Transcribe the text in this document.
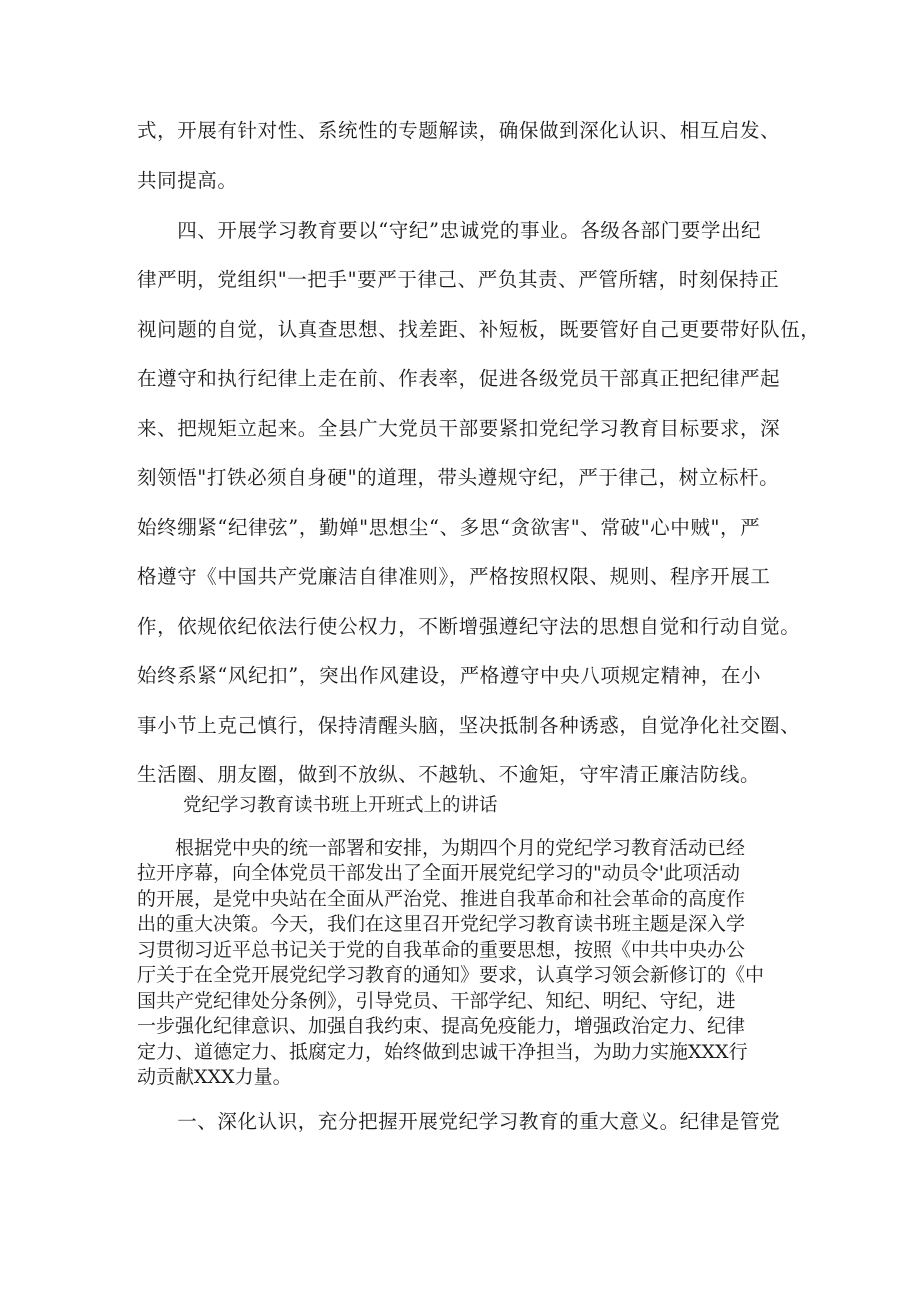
式，开展有针对性、系统性的专题解读，确保做到深化认识、相互启发、
共同提高。
　　四、开展学习教育要以“守纪”忠诚党的事业。各级各部门要学出纪
律严明，党组织"一把手"要严于律己、严负其责、严管所辖，时刻保持正
视问题的自觉，认真查思想、找差距、补短板，既要管好自己更要带好队伍，
在遵守和执行纪律上走在前、作表率，促进各级党员干部真正把纪律严起
来、把规矩立起来。全县广大党员干部要紧扣党纪学习教育目标要求，深
刻领悟"打铁必须自身硬"的道理，带头遵规守纪，严于律己，树立标杆。
始终绷紧“纪律弦”，勤婵"思想尘“、多思“贪欲害"、常破"心中贼"，严
格遵守《中国共产党廉洁自律准则》，严格按照权限、规则、程序开展工
作，依规依纪依法行使公权力，不断增强遵纪守法的思想自觉和行动自觉。
始终系紧“风纪扣”，突出作风建设，严格遵守中央八项规定精神，在小
事小节上克己慎行，保持清醒头脑，坚决抵制各种诱惑，自觉净化社交圈、
生活圈、朋友圈，做到不放纵、不越轨、不逾矩，守牢清正廉洁防线。
党纪学习教育读书班上开班式上的讲话
　　根据党中央的统一部署和安排，为期四个月的党纪学习教育活动已经
拉开序幕，向全体党员干部发出了全面开展党纪学习的"动员令'此项活动
的开展，是党中央站在全面从严治党、推进自我革命和社会革命的高度作
出的重大决策。今天，我们在这里召开党纪学习教育读书班主题是深入学
习贯彻习近平总书记关于党的自我革命的重要思想，按照《中共中央办公
厅关于在全党开展党纪学习教育的通知》要求，认真学习领会新修订的《中
国共产党纪律处分条例》，引导党员、干部学纪、知纪、明纪、守纪，进
一步强化纪律意识、加强自我约束、提高免疫能力，增强政治定力、纪律
定力、道德定力、抵腐定力，始终做到忠诚干净担当，为助力实施XXX行
动贡献XXX力量。
　　一、深化认识，充分把握开展党纪学习教育的重大意义。纪律是管党
